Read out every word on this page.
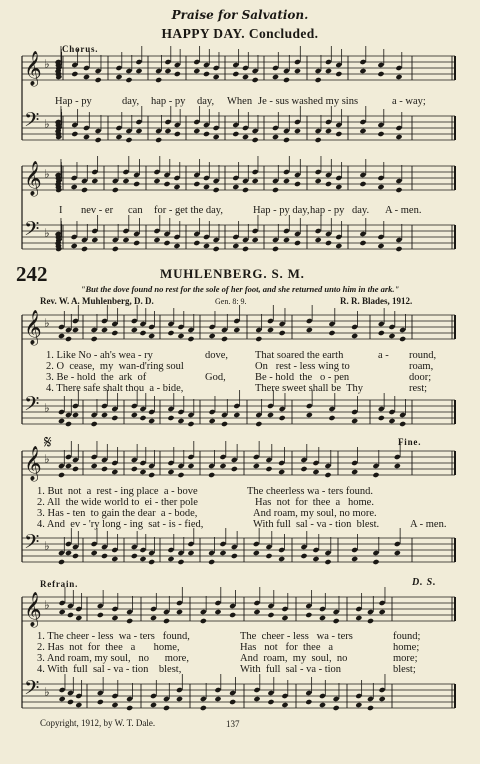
Praise for Salvation.
HAPPY DAY. Concluded.
Chorus.
𝄞 ♭
𝄢 ♭
𝄞 ♭
𝄢 ♭
𝄞 ♭
𝄢 ♭
𝄞 ♭
𝄢 ♭
𝄞 ♭
𝄢 ♭

Hap - py

	day,

hap - py

day,

When

Je - sus washed my sins

	a - way;

I

nev - er

can

for - get the day,

	Hap - py day,

hap - py

day.

A - men.

242	MUHLENBERG. S. M.
"But the dove found no rest for the sole of her foot, and she returned unto him in the ark."
Rev. W. A. Muhlenberg, D. D.	Gen. 8: 9.	R. R. Blades, 1912.

1. Like No - ah's wea - ry

	dove,

	That soared the earth

	a -

round,

2. O  cease,  my  wan-d'ring soul

	On   rest - less wing to

	roam,

3. Be - hold  the  ark  of

	God,

	Be - hold  the   o - pen

	door;

4. There safe shalt thou  a - bide,

	There sweet shall be  Thy

	rest;

𝄋	Fine.

1. But  not  a  rest - ing place  a - bove

	The cheerless wa - ters found.

2. All  the wide world to  ei - ther pole

	Has  not  for  thee  a   home.

3. Has - ten  to gain the dear  a - bode,

	And roam, my soul, no more.

4. And  ev - 'ry long - ing  sat - is - fied,

	With full  sal - va - tion  blest.

	A - men.

Refrain.	D. S.

1. The cheer - less  wa - ters   found,

	The  cheer - less   wa - ters

	found;

2. Has  not  for  thee   a       home,

	Has   not   for  thee   a

	home;

3. And roam, my soul,   no      more,

	And  roam,  my  soul,  no

	more;

4. With  full  sal - va - tion    blest,

	With  full  sal - va - tion

	blest;

Copyright, 1912, by W. T. Dale.	137
